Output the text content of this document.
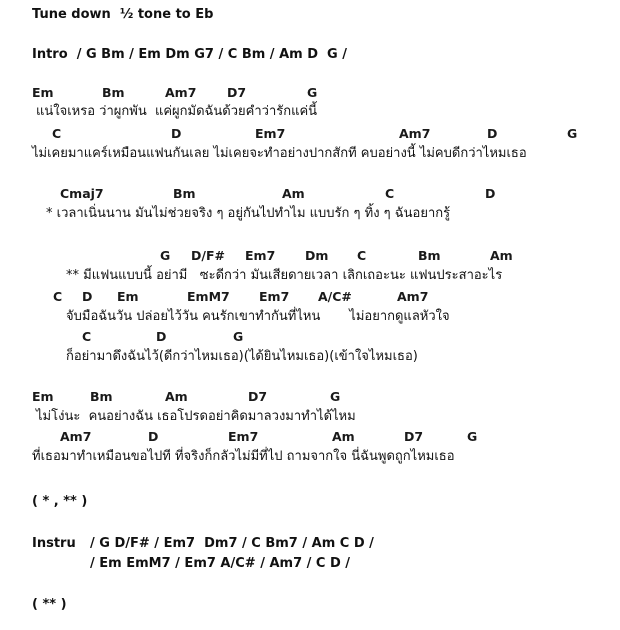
Tune down  ½ tone to Eb
Intro  / G Bm / Em Dm G7 / C Bm / Am D  G /
Em	Bm	Am7 D7	G
แน่ใจเหรอ ว่าผูกพัน  แค่ผูกมัดฉันด้วยคำว่ารักแค่นี้
C	D	Em7	Am7	D	G
ไม่เคยมาแคร์เหมือนแฟนกันเลย ไม่เคยจะทำอย่างปากสักที คบอย่างนี้ ไม่คบดีกว่าไหมเธอ
Cmaj7	Bm	Am	C	D
* เวลาเนิ่นนาน มันไม่ช่วยจริง ๆ อยู่กันไปทำไม แบบรัก ๆ ทิ้ง ๆ ฉันอยากรู้
G D/F# Em7 Dm C	Bm	Am
** มีแฟนแบบนี้ อย่ามี   ซะดีกว่า มันเสียดายเวลา เลิกเถอะนะ แฟนประสาอะไร
C D Em	EmM7 Em7 A/C#	Am7
จับมือฉันวัน ปล่อยไว้วัน คนรักเขาทำกันที่ไหน       ไม่อยากดูแลหัวใจ
C	D	G
ก็อย่ามาดึงฉันไว้(ดีกว่าไหมเธอ)(ได้ยินไหมเธอ)(เข้าใจไหมเธอ)
Em	Bm	Am	D7	G
ไม่โง่นะ  คนอย่างฉัน เธอโปรดอย่าคิดมาลวงมาทำได้ไหม
Am7	D	Em7	Am	D7	G
ที่เธอมาทำเหมือนขอไปที ที่จริงก็กลัวไม่มีที่ไป ถามจากใจ นี่ฉันพูดถูกไหมเธอ
( * , ** )
Instru / G D/F# / Em7  Dm7 / C Bm7 / Am C D /
/ Em EmM7 / Em7 A/C# / Am7 / C D /
( ** )
